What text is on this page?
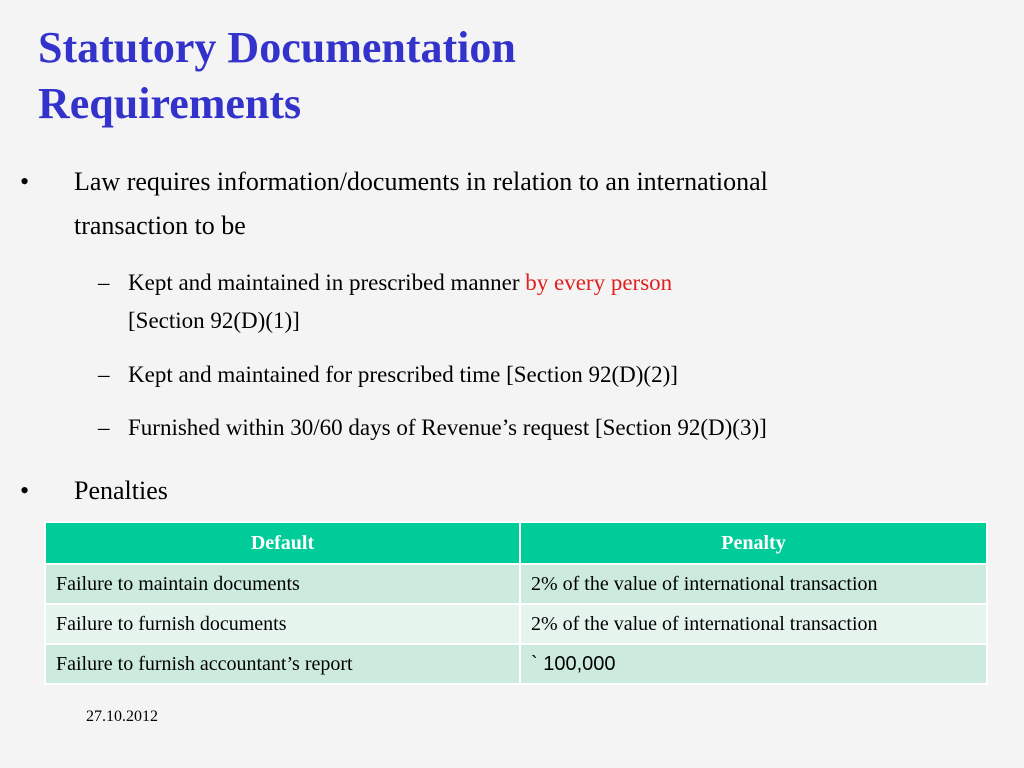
Statutory Documentation
Requirements
• Law requires information/documents in relation to an international
transaction to be
– Kept and maintained in prescribed manner by every person
[Section 92(D)(1)]
– Kept and maintained for prescribed time [Section 92(D)(2)]
– Furnished within 30/60 days of Revenue’s request [Section 92(D)(3)]
• Penalties
Default	Penalty
Failure to maintain documents	2% of the value of international transaction
Failure to furnish documents	2% of the value of international transaction
Failure to furnish accountant’s report	` 100,000
27.10.2012
